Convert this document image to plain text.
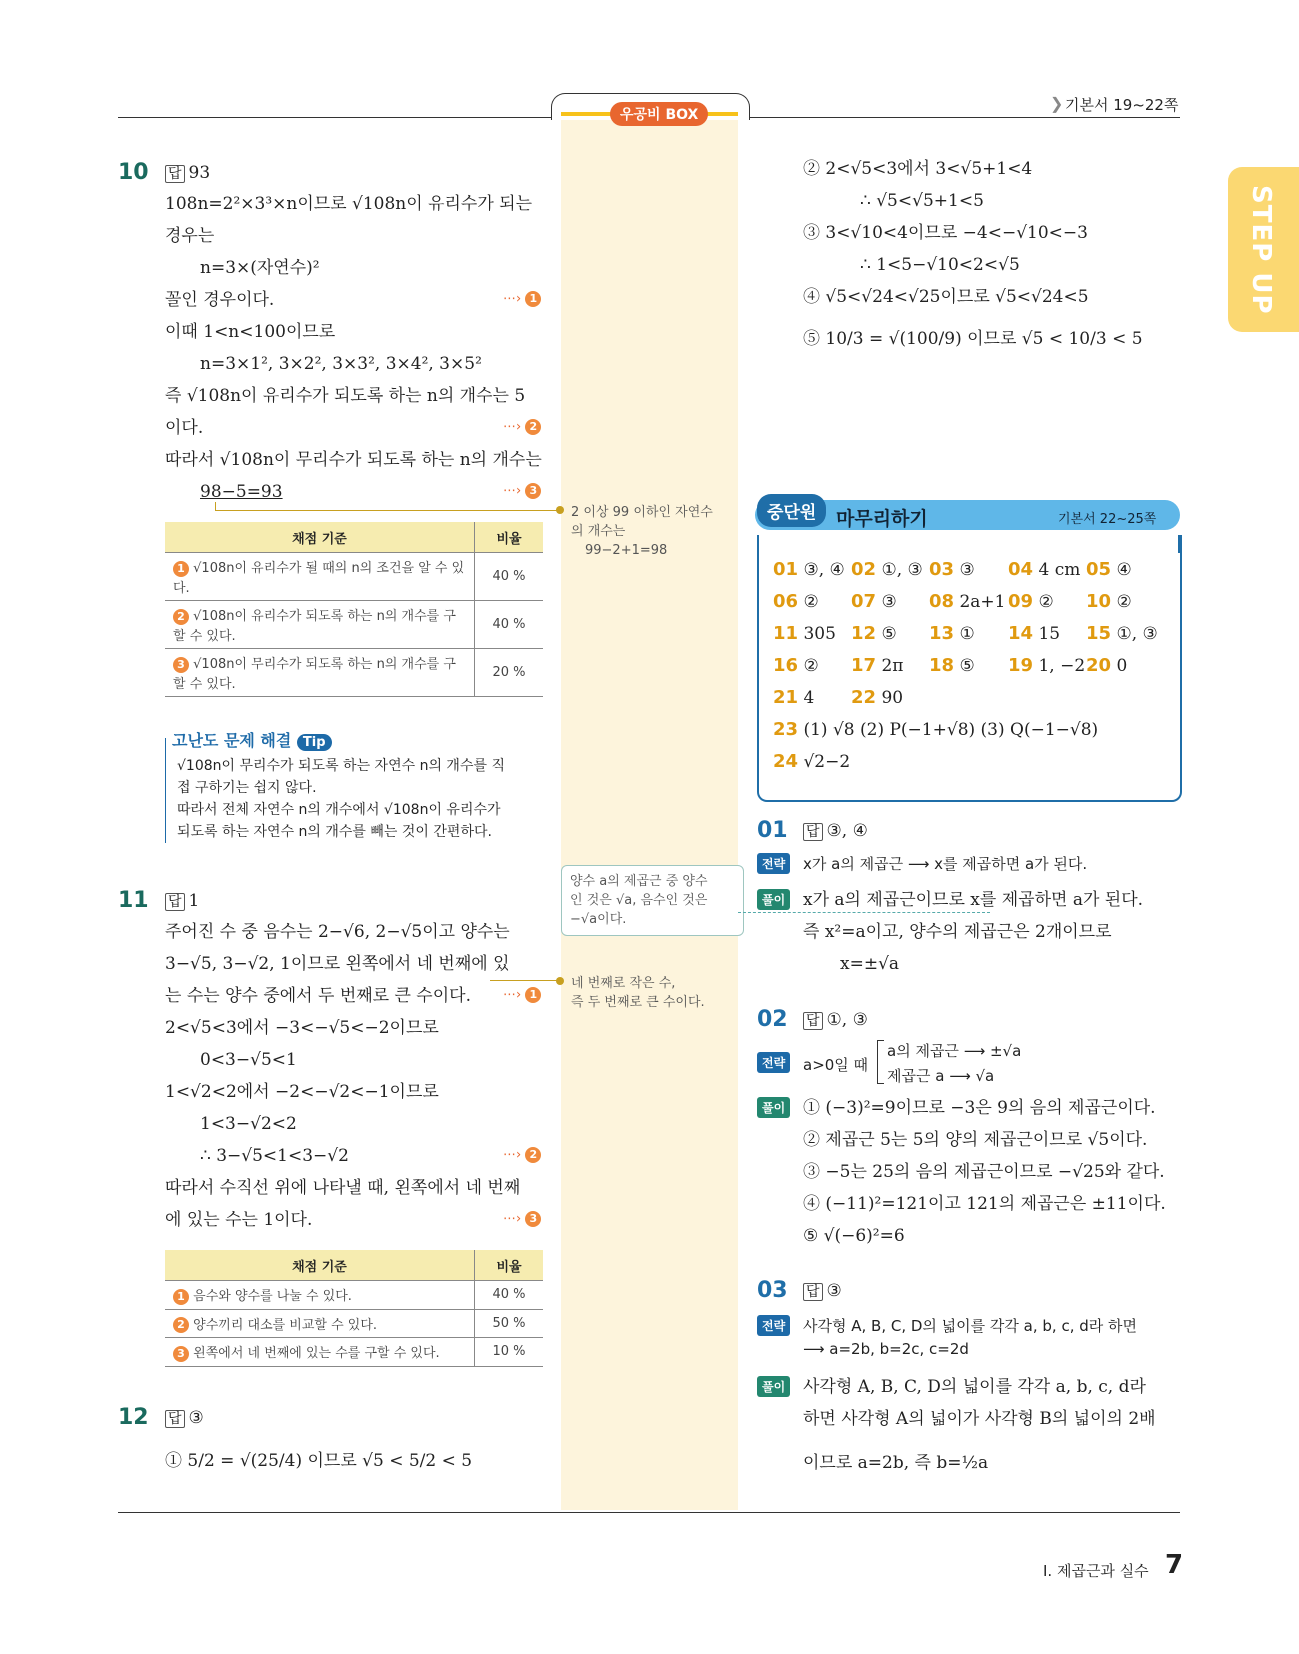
우공비 BOX
기본서 19~22쪽
❯
STEP UP
10 답 93
108n=2²×3³×n이므로 √108n이 유리수가 되는
경우는
n=3×(자연수)²
꼴인 경우이다.
이때 1<n<100이므로
n=3×1², 3×2², 3×3², 3×4², 3×5²
즉 √108n이 유리수가 되도록 하는 n의 개수는 5
이다.
따라서 √108n이 무리수가 되도록 하는 n의 개수는
98−5=93
⋯› 1
⋯› 2
⋯› 3
채점 기준	비율
1 √108n이 유리수가 될 때의 n의 조건을 알 수 있다.	40 %
2 √108n이 유리수가 되도록 하는 n의 개수를 구할 수 있다.	40 %
3 √108n이 무리수가 되도록 하는 n의 개수를 구할 수 있다.	20 %
고난도 문제 해결 Tip
√108n이 무리수가 되도록 하는 자연수 n의 개수를 직
접 구하기는 쉽지 않다.
따라서 전체 자연수 n의 개수에서 √108n이 유리수가
되도록 하는 자연수 n의 개수를 빼는 것이 간편하다.
11 답 1
주어진 수 중 음수는 2−√6, 2−√5이고 양수는
3−√5, 3−√2, 1이므로 왼쪽에서 네 번째에 있
는 수는 양수 중에서 두 번째로 큰 수이다.
2<√5<3에서 −3<−√5<−2이므로
0<3−√5<1
1<√2<2에서 −2<−√2<−1이므로
1<3−√2<2
∴ 3−√5<1<3−√2
따라서 수직선 위에 나타낼 때, 왼쪽에서 네 번째
에 있는 수는 1이다.
⋯› 1
⋯› 2
⋯› 3
채점 기준	비율
1 음수와 양수를 나눌 수 있다.	40 %
2 양수끼리 대소를 비교할 수 있다.	50 %
3 왼쪽에서 네 번째에 있는 수를 구할 수 있다.	10 %
12 답 ③
① 5/2 = √(25/4) 이므로 √5 < 5/2 < 5
2 이상 99 이하인 자연수
의 개수는
99−2+1=98
양수 a의 제곱근 중 양수
인 것은 √a, 음수인 것은
−√a이다.
네 번째로 작은 수,
즉 두 번째로 큰 수이다.
② 2<√5<3에서 3<√5+1<4
∴ √5<√5+1<5
③ 3<√10<4이므로 −4<−√10<−3
∴ 1<5−√10<2<√5
④ √5<√24<√25이므로 √5<√24<5
⑤ 10/3 = √(100/9) 이므로 √5 < 10/3 < 5
중단원	마무리하기	기본서 22~25쪽
01 ③, ④ 02 ①, ③ 03 ③ 04 4 cm 05 ④
06 ② 07 ③ 08 2a+1 09 ② 10 ②
11 305 12 ⑤ 13 ① 14 15 15 ①, ③
16 ② 17 2π 18 ⑤ 19 1, −2 20 0
21 4 22 90
23 (1) √8 (2) P(−1+√8) (3) Q(−1−√8)
24 √2−2
01 답 ③, ④
전략	x가 a의 제곱근 ⟶ x를 제곱하면 a가 된다.
풀이 x가 a의 제곱근이므로 x를 제곱하면 a가 된다.
즉 x²=a이고, 양수의 제곱근은 2개이므로
x=±√a
02 답 ①, ③
전략	a>0일 때
a의 제곱근 ⟶ ±√a
제곱근 a ⟶ √a
풀이 ① (−3)²=9이므로 −3은 9의 음의 제곱근이다.
② 제곱근 5는 5의 양의 제곱근이므로 √5이다.
③ −5는 25의 음의 제곱근이므로 −√25와 같다.
④ (−11)²=121이고 121의 제곱근은 ±11이다.
⑤ √(−6)²=6
03 답 ③
전략	사각형 A, B, C, D의 넓이를 각각 a, b, c, d라 하면
⟶ a=2b, b=2c, c=2d
풀이 사각형 A, B, C, D의 넓이를 각각 a, b, c, d라
하면 사각형 A의 넓이가 사각형 B의 넓이의 2배
이므로 a=2b, 즉 b=½a
Ⅰ. 제곱근과 실수 7
